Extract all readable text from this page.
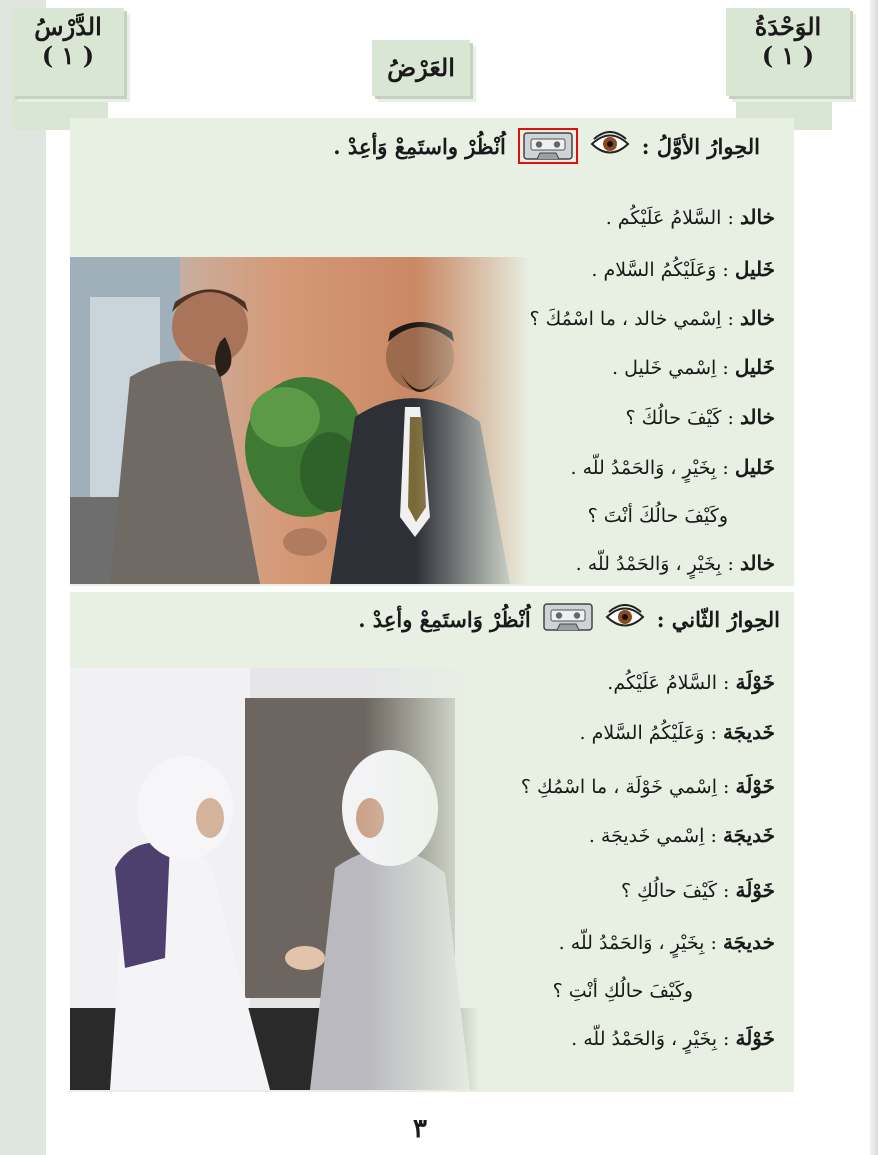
الوَحْدَةُ
( ١ )
الدَّرْسُ
( ١ )	العَرْضُ
الحِوارُ الأوَّلُ :
اُنْظُرْ واستَمِعْ وَأعِدْ .
خالد : السَّلامُ عَلَيْكُم .
خَليل : وَعَلَيْكُمُ السَّلام .
خالد : اِسْمي خالد ، ما اسْمُكَ ؟
خَليل : اِسْمي خَليل .
خالد : كَيْفَ حالُكَ ؟
خَليل : بِخَيْرٍ ، وَالحَمْدُ للّه .
وكَيْفَ حالُكَ أنْتَ ؟
خالد : بِخَيْرٍ ، وَالحَمْدُ للّه .
الحِوارُ الثّاني :
اُنْظُرْ وَاستَمِعْ وأعِدْ .
خَوْلَة : السَّلامُ عَلَيْكُم.
خَديجَة : وَعَلَيْكُمُ السَّلام .
خَوْلَة : اِسْمي خَوْلَة ، ما اسْمُكِ ؟
خَديجَة : اِسْمي خَديجَة .
خَوْلَة : كَيْفَ حالُكِ ؟
خديجَة : بِخَيْرٍ ، وَالحَمْدُ للّه .
وكَيْفَ حالُكِ أنْتِ ؟
خَوْلَة : بِخَيْرٍ ، وَالحَمْدُ للّه .
٣
